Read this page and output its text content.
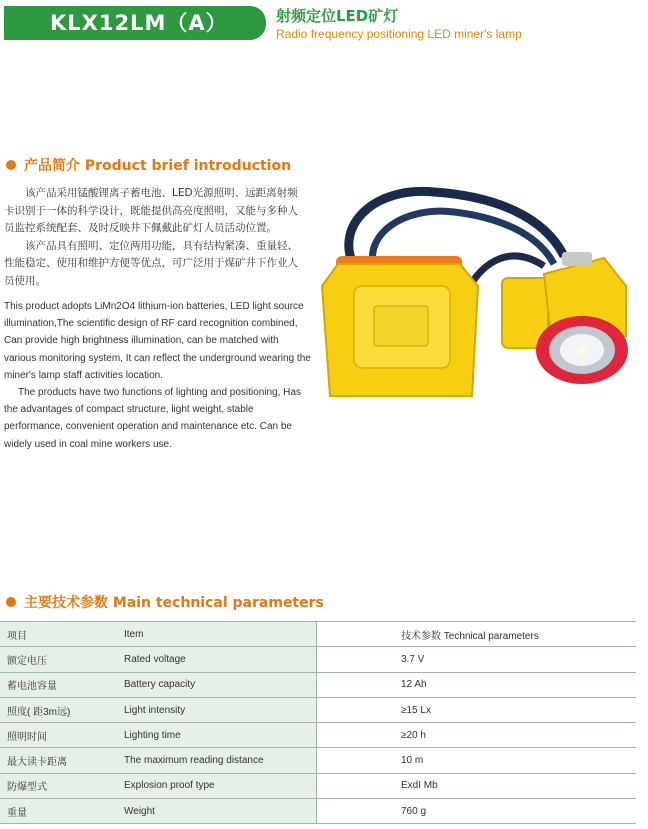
KLX12LM（A）	射频定位LED矿灯
Radio frequency positioning LED miner's lamp
产品简介 Product brief introduction

该产品采用锰酸锂离子蓄电池、LED光源照明、远距离射频卡识别于一体的科学设计，既能提供高亮度照明，又能与多种人员监控系统配套、及时反映井下佩戴此矿灯人员活动位置。

该产品具有照明、定位两用功能，具有结构紧凑、重量轻、性能稳定、使用和维护方便等优点，可广泛用于煤矿井下作业人员使用。

This product adopts LiMn2O4 lithium-ion batteries, LED light source illumination,The scientific design of RF card recognition combined, Can provide high brightness illumination, can be matched with various monitoring system, It can reflect the underground wearing the miner's lamp staff activities location.

The products have two functions of lighting and positioning, Has the advantages of compact structure, light weight, stable performance, convenient operation and maintenance etc. Can be widely used in coal mine workers use.

主要技术参数 Main technical parameters
项目	Item	技术参数 Technical parameters
额定电压	Rated voltage	3.7 V
蓄电池容量	Battery capacity	12 Ah
照度( 距3m远)	Light intensity	≥15 Lx
照明时间	Lighting time	≥20 h
最大读卡距离	The maximum reading distance	10 m
防爆型式	Explosion proof type	ExdI Mb
重量	Weight	760 g
